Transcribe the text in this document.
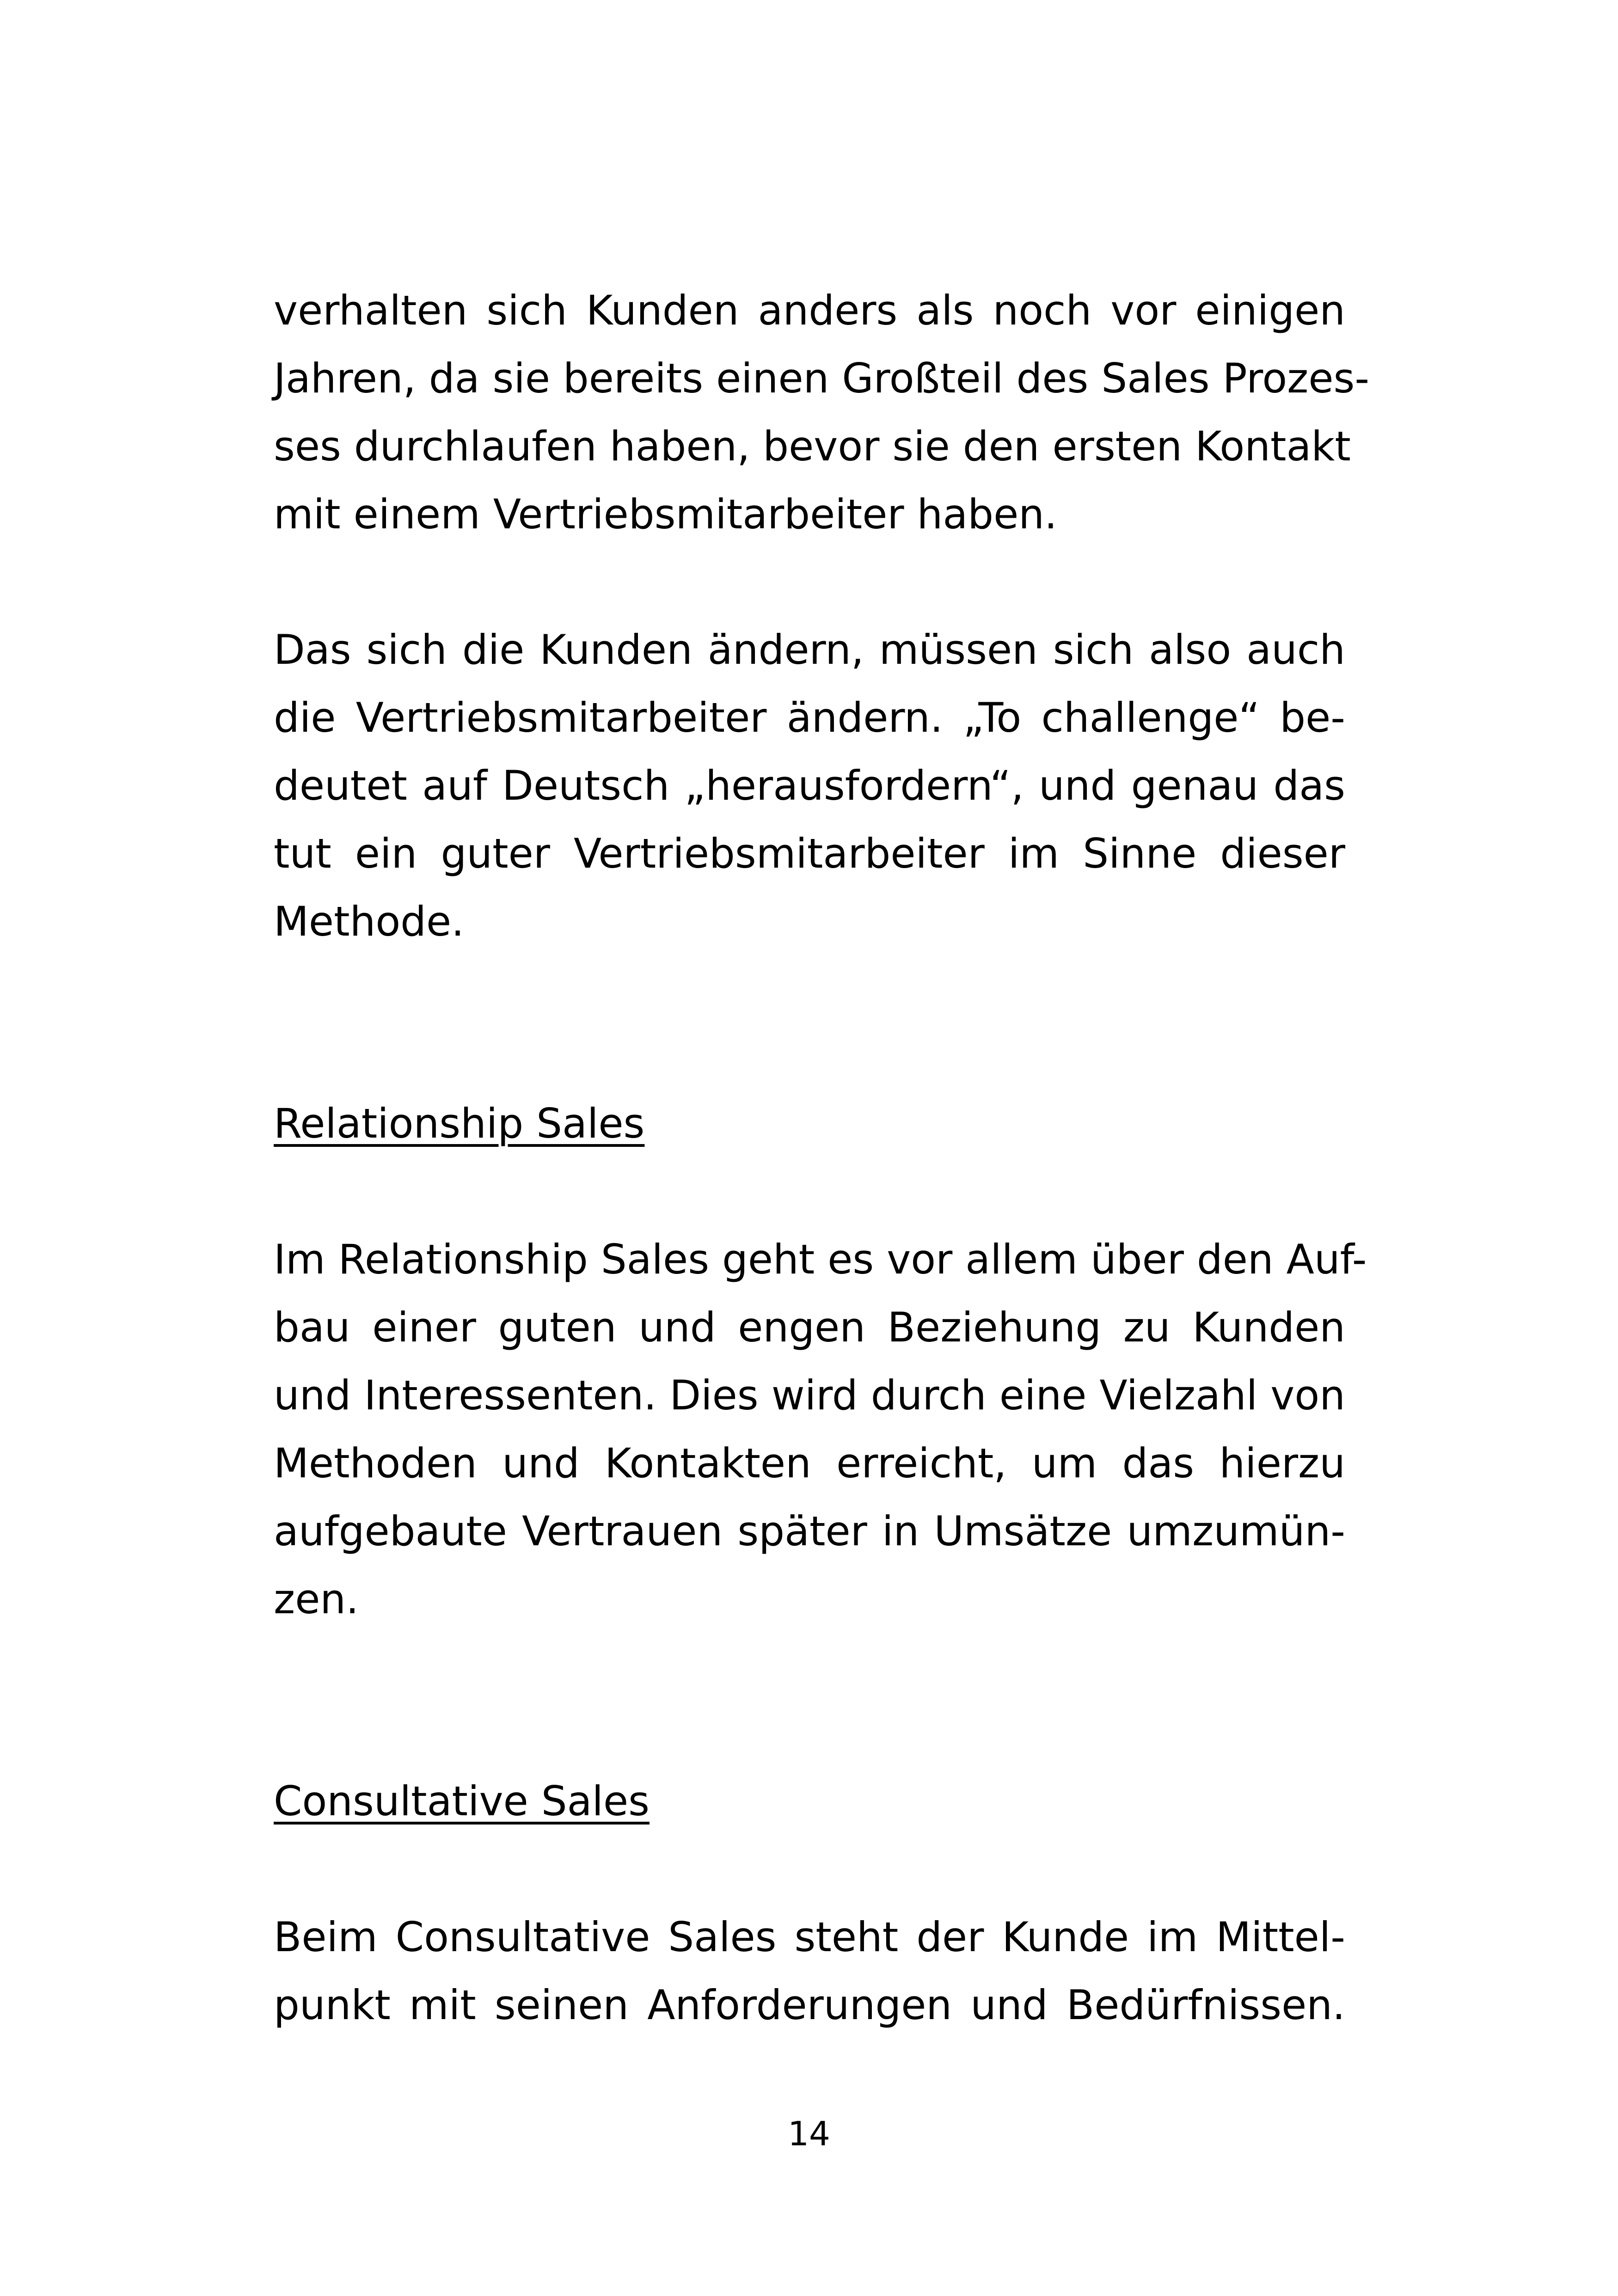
verhalten sich Kunden anders als noch vor einigen
Jahren, da sie bereits einen Großteil des Sales Prozes-
ses durchlaufen haben, bevor sie den ersten Kontakt
mit einem Vertriebsmitarbeiter haben.
Das sich die Kunden ändern, müssen sich also auch
die Vertriebsmitarbeiter ändern. „To challenge“ be-
deutet auf Deutsch „herausfordern“, und genau das
tut ein guter Vertriebsmitarbeiter im Sinne dieser
Methode.
Relationship Sales
Im Relationship Sales geht es vor allem über den Auf-
bau einer guten und engen Beziehung zu Kunden
und Interessenten. Dies wird durch eine Vielzahl von
Methoden und Kontakten erreicht, um das hierzu
aufgebaute Vertrauen später in Umsätze umzumün-
zen.
Consultative Sales
Beim Consultative Sales steht der Kunde im Mittel-
punkt mit seinen Anforderungen und Bedürfnissen.
14
